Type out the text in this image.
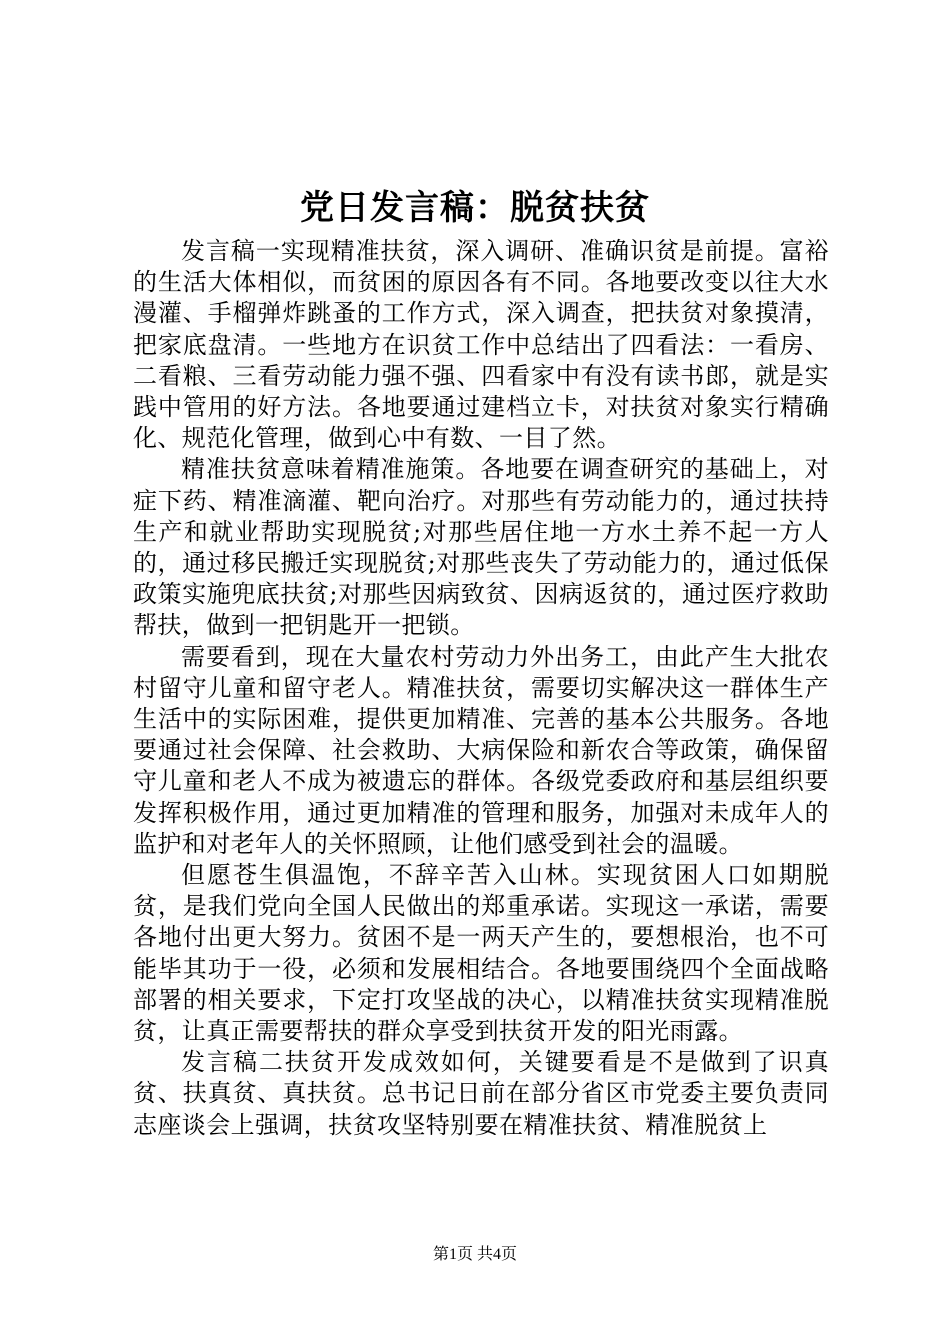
党日发言稿：脱贫扶贫

发言稿一实现精准扶贫，深入调研、准确识贫是前提。富裕的生活大体相似，而贫困的原因各有不同。各地要改变以往大水漫灌、手榴弹炸跳蚤的工作方式，深入调查，把扶贫对象摸清，把家底盘清。一些地方在识贫工作中总结出了四看法：一看房、二看粮、三看劳动能力强不强、四看家中有没有读书郎，就是实践中管用的好方法。各地要通过建档立卡，对扶贫对象实行精确化、规范化管理，做到心中有数、一目了然。

精准扶贫意味着精准施策。各地要在调查研究的基础上，对症下药、精准滴灌、靶向治疗。对那些有劳动能力的，通过扶持生产和就业帮助实现脱贫;对那些居住地一方水土养不起一方人的，通过移民搬迁实现脱贫;对那些丧失了劳动能力的，通过低保政策实施兜底扶贫;对那些因病致贫、因病返贫的，通过医疗救助帮扶，做到一把钥匙开一把锁。

需要看到，现在大量农村劳动力外出务工，由此产生大批农村留守儿童和留守老人。精准扶贫，需要切实解决这一群体生产生活中的实际困难，提供更加精准、完善的基本公共服务。各地要通过社会保障、社会救助、大病保险和新农合等政策，确保留守儿童和老人不成为被遗忘的群体。各级党委政府和基层组织要发挥积极作用，通过更加精准的管理和服务，加强对未成年人的监护和对老年人的关怀照顾，让他们感受到社会的温暖。

但愿苍生俱温饱，不辞辛苦入山林。实现贫困人口如期脱贫，是我们党向全国人民做出的郑重承诺。实现这一承诺，需要各地付出更大努力。贫困不是一两天产生的，要想根治，也不可能毕其功于一役，必须和发展相结合。各地要围绕四个全面战略部署的相关要求，下定打攻坚战的决心，以精准扶贫实现精准脱贫，让真正需要帮扶的群众享受到扶贫开发的阳光雨露。

发言稿二扶贫开发成效如何，关键要看是不是做到了识真贫、扶真贫、真扶贫。总书记日前在部分省区市党委主要负责同志座谈会上强调，扶贫攻坚特别要在精准扶贫、精准脱贫上

第1页 共4页
